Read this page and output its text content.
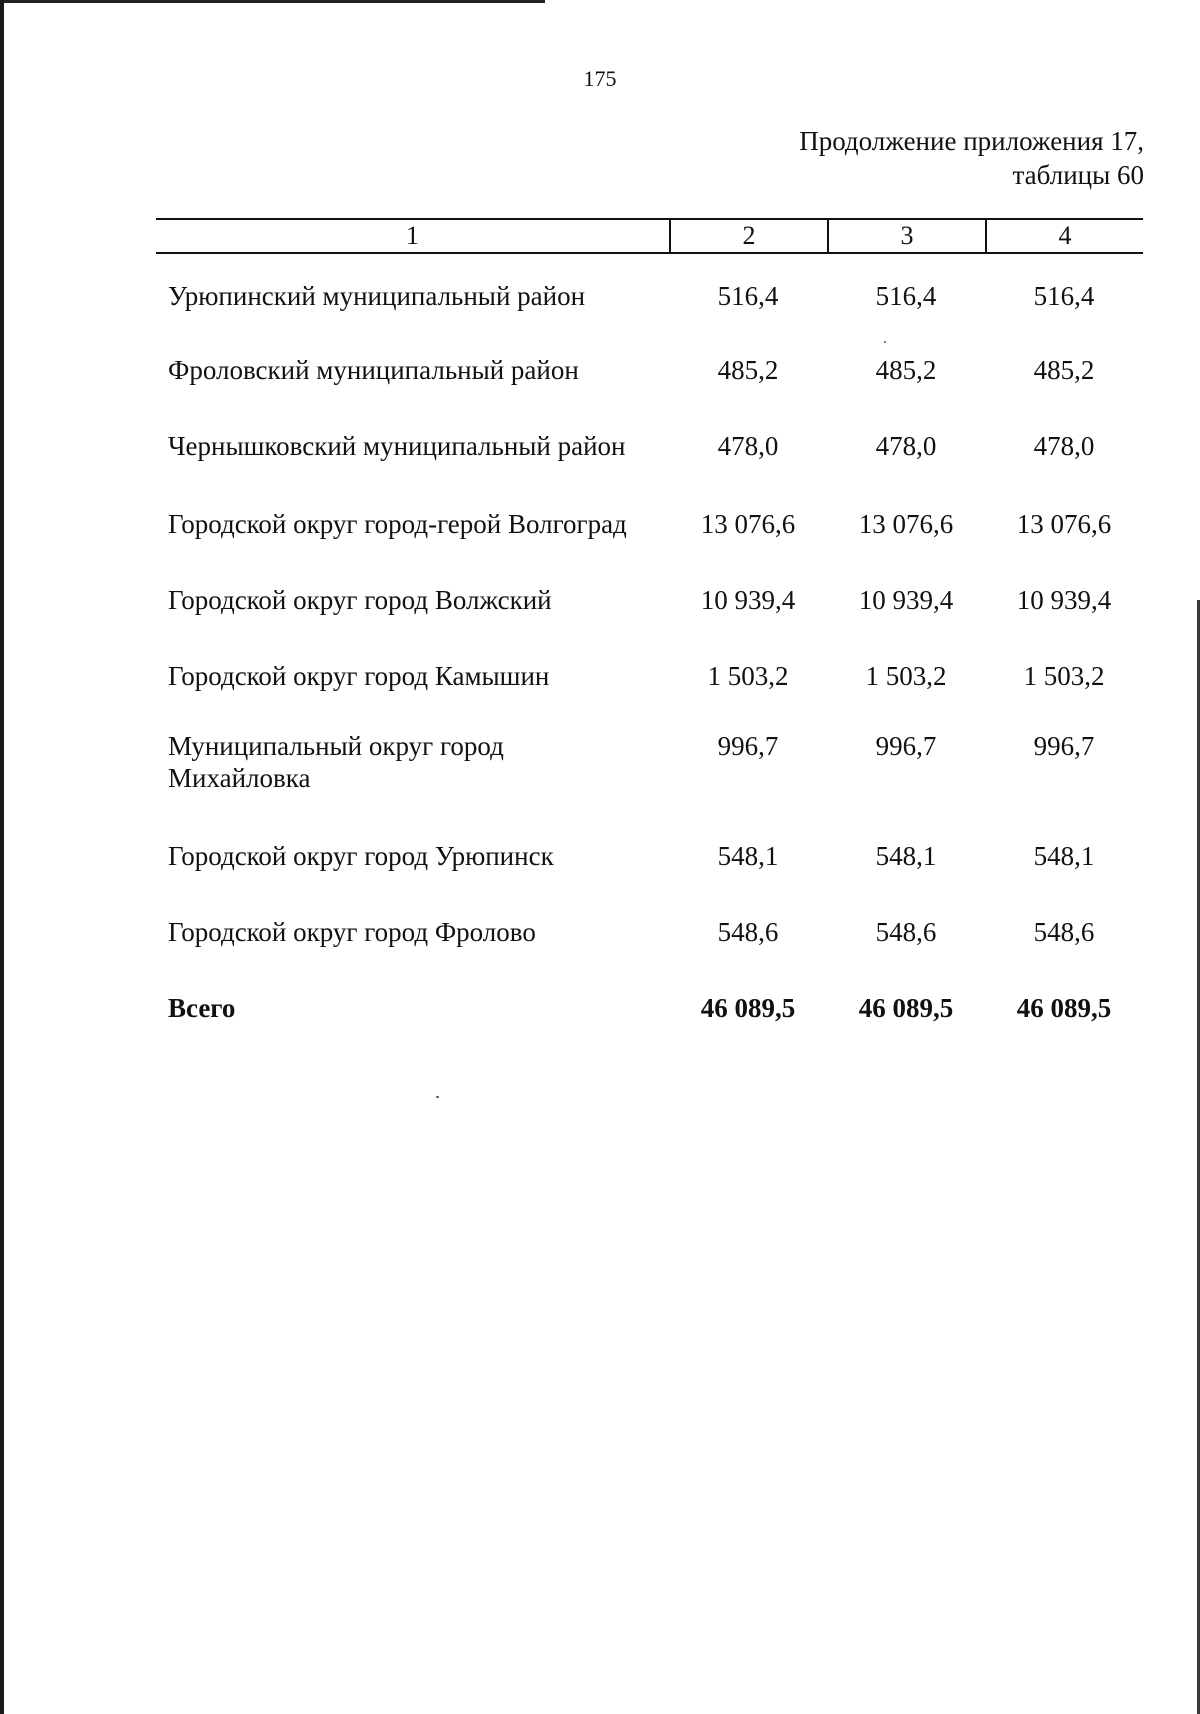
175
Продолжение приложения 17,
таблицы 60
1	2	3	4
Урюпинский муниципальный район	516,4	516,4	516,4
Фроловский муниципальный район	485,2	485,2	485,2
Чернышковский муниципальный район	478,0	478,0	478,0
Городской округ город-герой Волгоград	13 076,6	13 076,6	13 076,6
Городской округ город Волжский	10 939,4	10 939,4	10 939,4
Городской округ город Камышин	1 503,2	1 503,2	1 503,2
Муниципальный округ город
Михайловка
996,7	996,7	996,7
Городской округ город Урюпинск	548,1	548,1	548,1
Городской округ город Фролово	548,6	548,6	548,6
Всего	46 089,5	46 089,5	46 089,5
